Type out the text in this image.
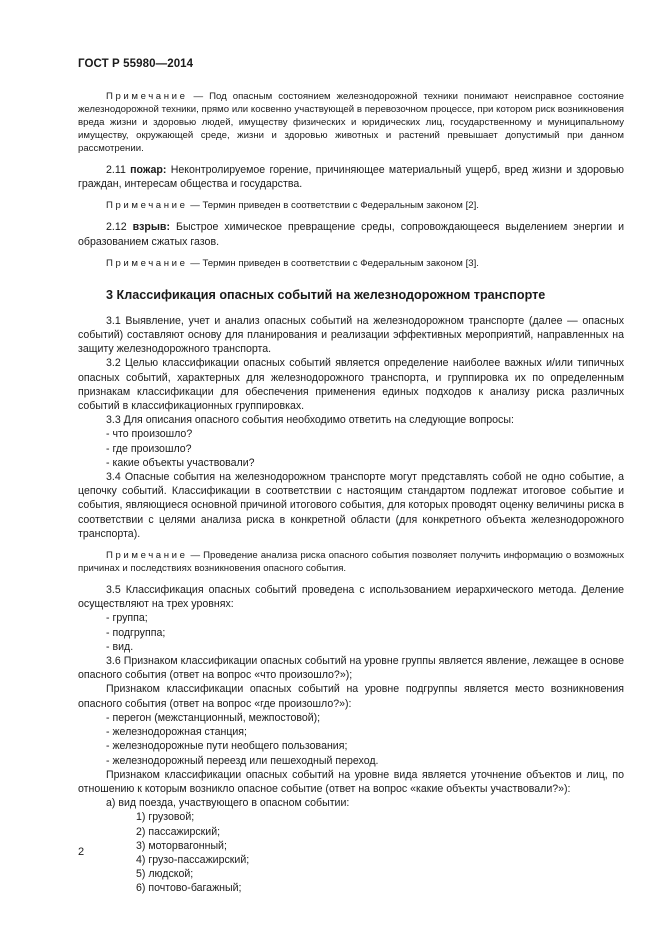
ГОСТ Р 55980—2014

Примечание — Под опасным состоянием железнодорожной техники понимают неисправное состояние железнодорожной техники, прямо или косвенно участвующей в перевозочном процессе, при котором риск возникновения вреда жизни и здоровью людей, имуществу физических и юридических лиц, государственному и муниципальному имуществу, окружающей среде, жизни и здоровью животных и растений превышает допустимый при данном рассмотрении.

2.11 пожар: Неконтролируемое горение, причиняющее материальный ущерб, вред жизни и здоровью граждан, интересам общества и государства.

Примечание — Термин приведен в соответствии с Федеральным законом [2].

2.12 взрыв: Быстрое химическое превращение среды, сопровождающееся выделением энергии и образованием сжатых газов.

Примечание — Термин приведен в соответствии с Федеральным законом [3].

3 Классификация опасных событий на железнодорожном транспорте

3.1 Выявление, учет и анализ опасных событий на железнодорожном транспорте (далее — опасных событий) составляют основу для планирования и реализации эффективных мероприятий, направленных на защиту железнодорожного транспорта.

3.2 Целью классификации опасных событий является определение наиболее важных и/или типичных опасных событий, характерных для железнодорожного транспорта, и группировка их по определенным признакам классификации для обеспечения применения единых подходов к анализу риска различных событий в классификационных группировках.

3.3 Для описания опасного события необходимо ответить на следующие вопросы:

- что произошло?

- где произошло?

- какие объекты участвовали?

3.4 Опасные события на железнодорожном транспорте могут представлять собой не одно событие, а цепочку событий. Классификации в соответствии с настоящим стандартом подлежат итоговое событие и события, являющиеся основной причиной итогового события, для которых проводят оценку величины риска в соответствии с целями анализа риска в конкретной области (для конкретного объекта железнодорожного транспорта).

Примечание — Проведение анализа риска опасного события позволяет получить информацию о возможных причинах и последствиях возникновения опасного события.

3.5 Классификация опасных событий проведена с использованием иерархического метода. Деление осуществляют на трех уровнях:

- группа;

- подгруппа;

- вид.

3.6 Признаком классификации опасных событий на уровне группы является явление, лежащее в основе опасного события (ответ на вопрос «что произошло?»);

Признаком классификации опасных событий на уровне подгруппы является место возникновения опасного события (ответ на вопрос «где произошло?»):

- перегон (межстанционный, межпостовой);

- железнодорожная станция;

- железнодорожные пути необщего пользования;

- железнодорожный переезд или пешеходный переход.

Признаком классификации опасных событий на уровне вида является уточнение объектов и лиц, по отношению к которым возникло опасное событие (ответ на вопрос «какие объекты участвовали?»):

а) вид поезда, участвующего в опасном событии:

1) грузовой;

2) пассажирский;

3) моторвагонный;

4) грузо-пассажирский;

5) людской;

6) почтово-багажный;

2
